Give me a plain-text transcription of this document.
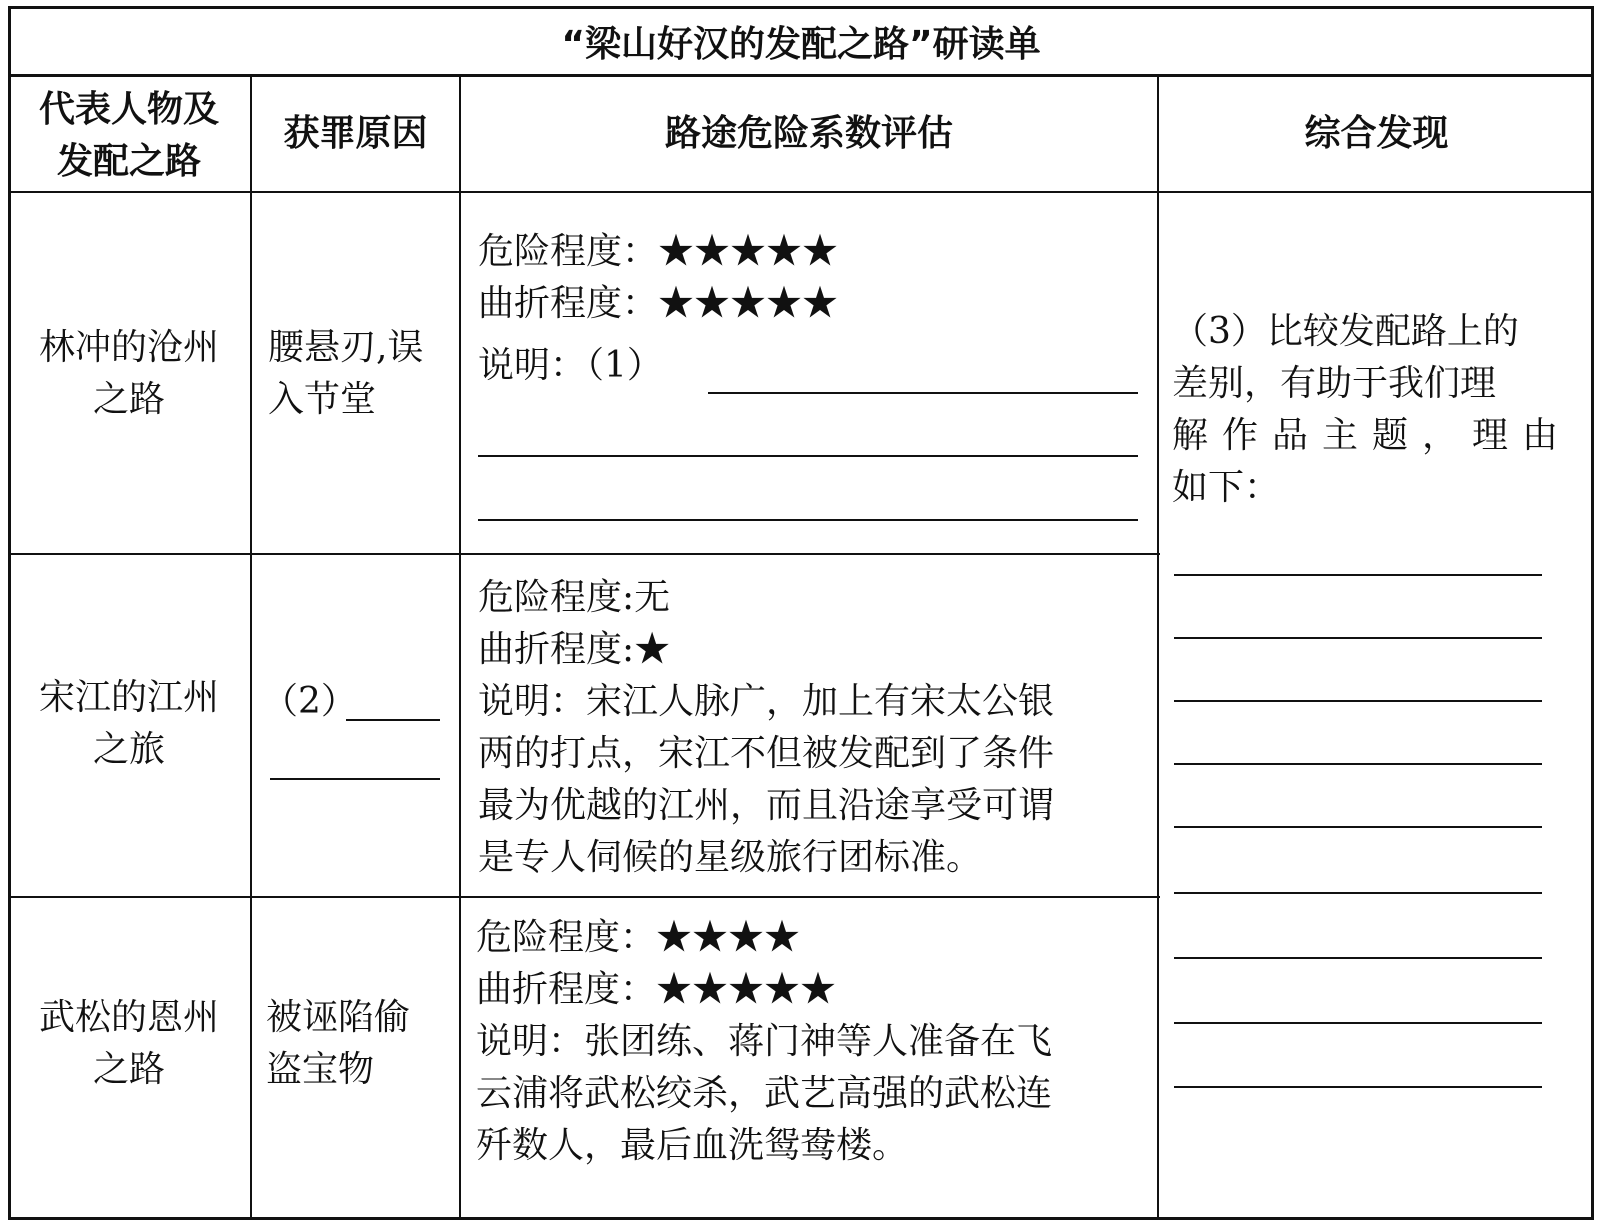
“梁山好汉的发配之路”研读单
代表人物及
发配之路
获罪原因	路途危险系数评估	综合发现
林冲的沧州
之路
腰悬刃,误
入节堂
危险程度：★★★★★
曲折程度：★★★★★
说明：（1）
宋江的江州
之旅
（2）
危险程度:无
曲折程度:★
说明：宋江人脉广，加上有宋太公银
两的打点，宋江不但被发配到了条件
最为优越的江州，而且沿途享受可谓
是专人伺候的星级旅行团标准。
武松的恩州
之路
被诬陷偷
盗宝物
危险程度：★★★★
曲折程度：★★★★★
说明：张团练、蒋门神等人准备在飞
云浦将武松绞杀，武艺高强的武松连
歼数人，最后血洗鸳鸯楼。
（3）比较发配路上的
差别，有助于我们理
解作品主题，理由
如下：
